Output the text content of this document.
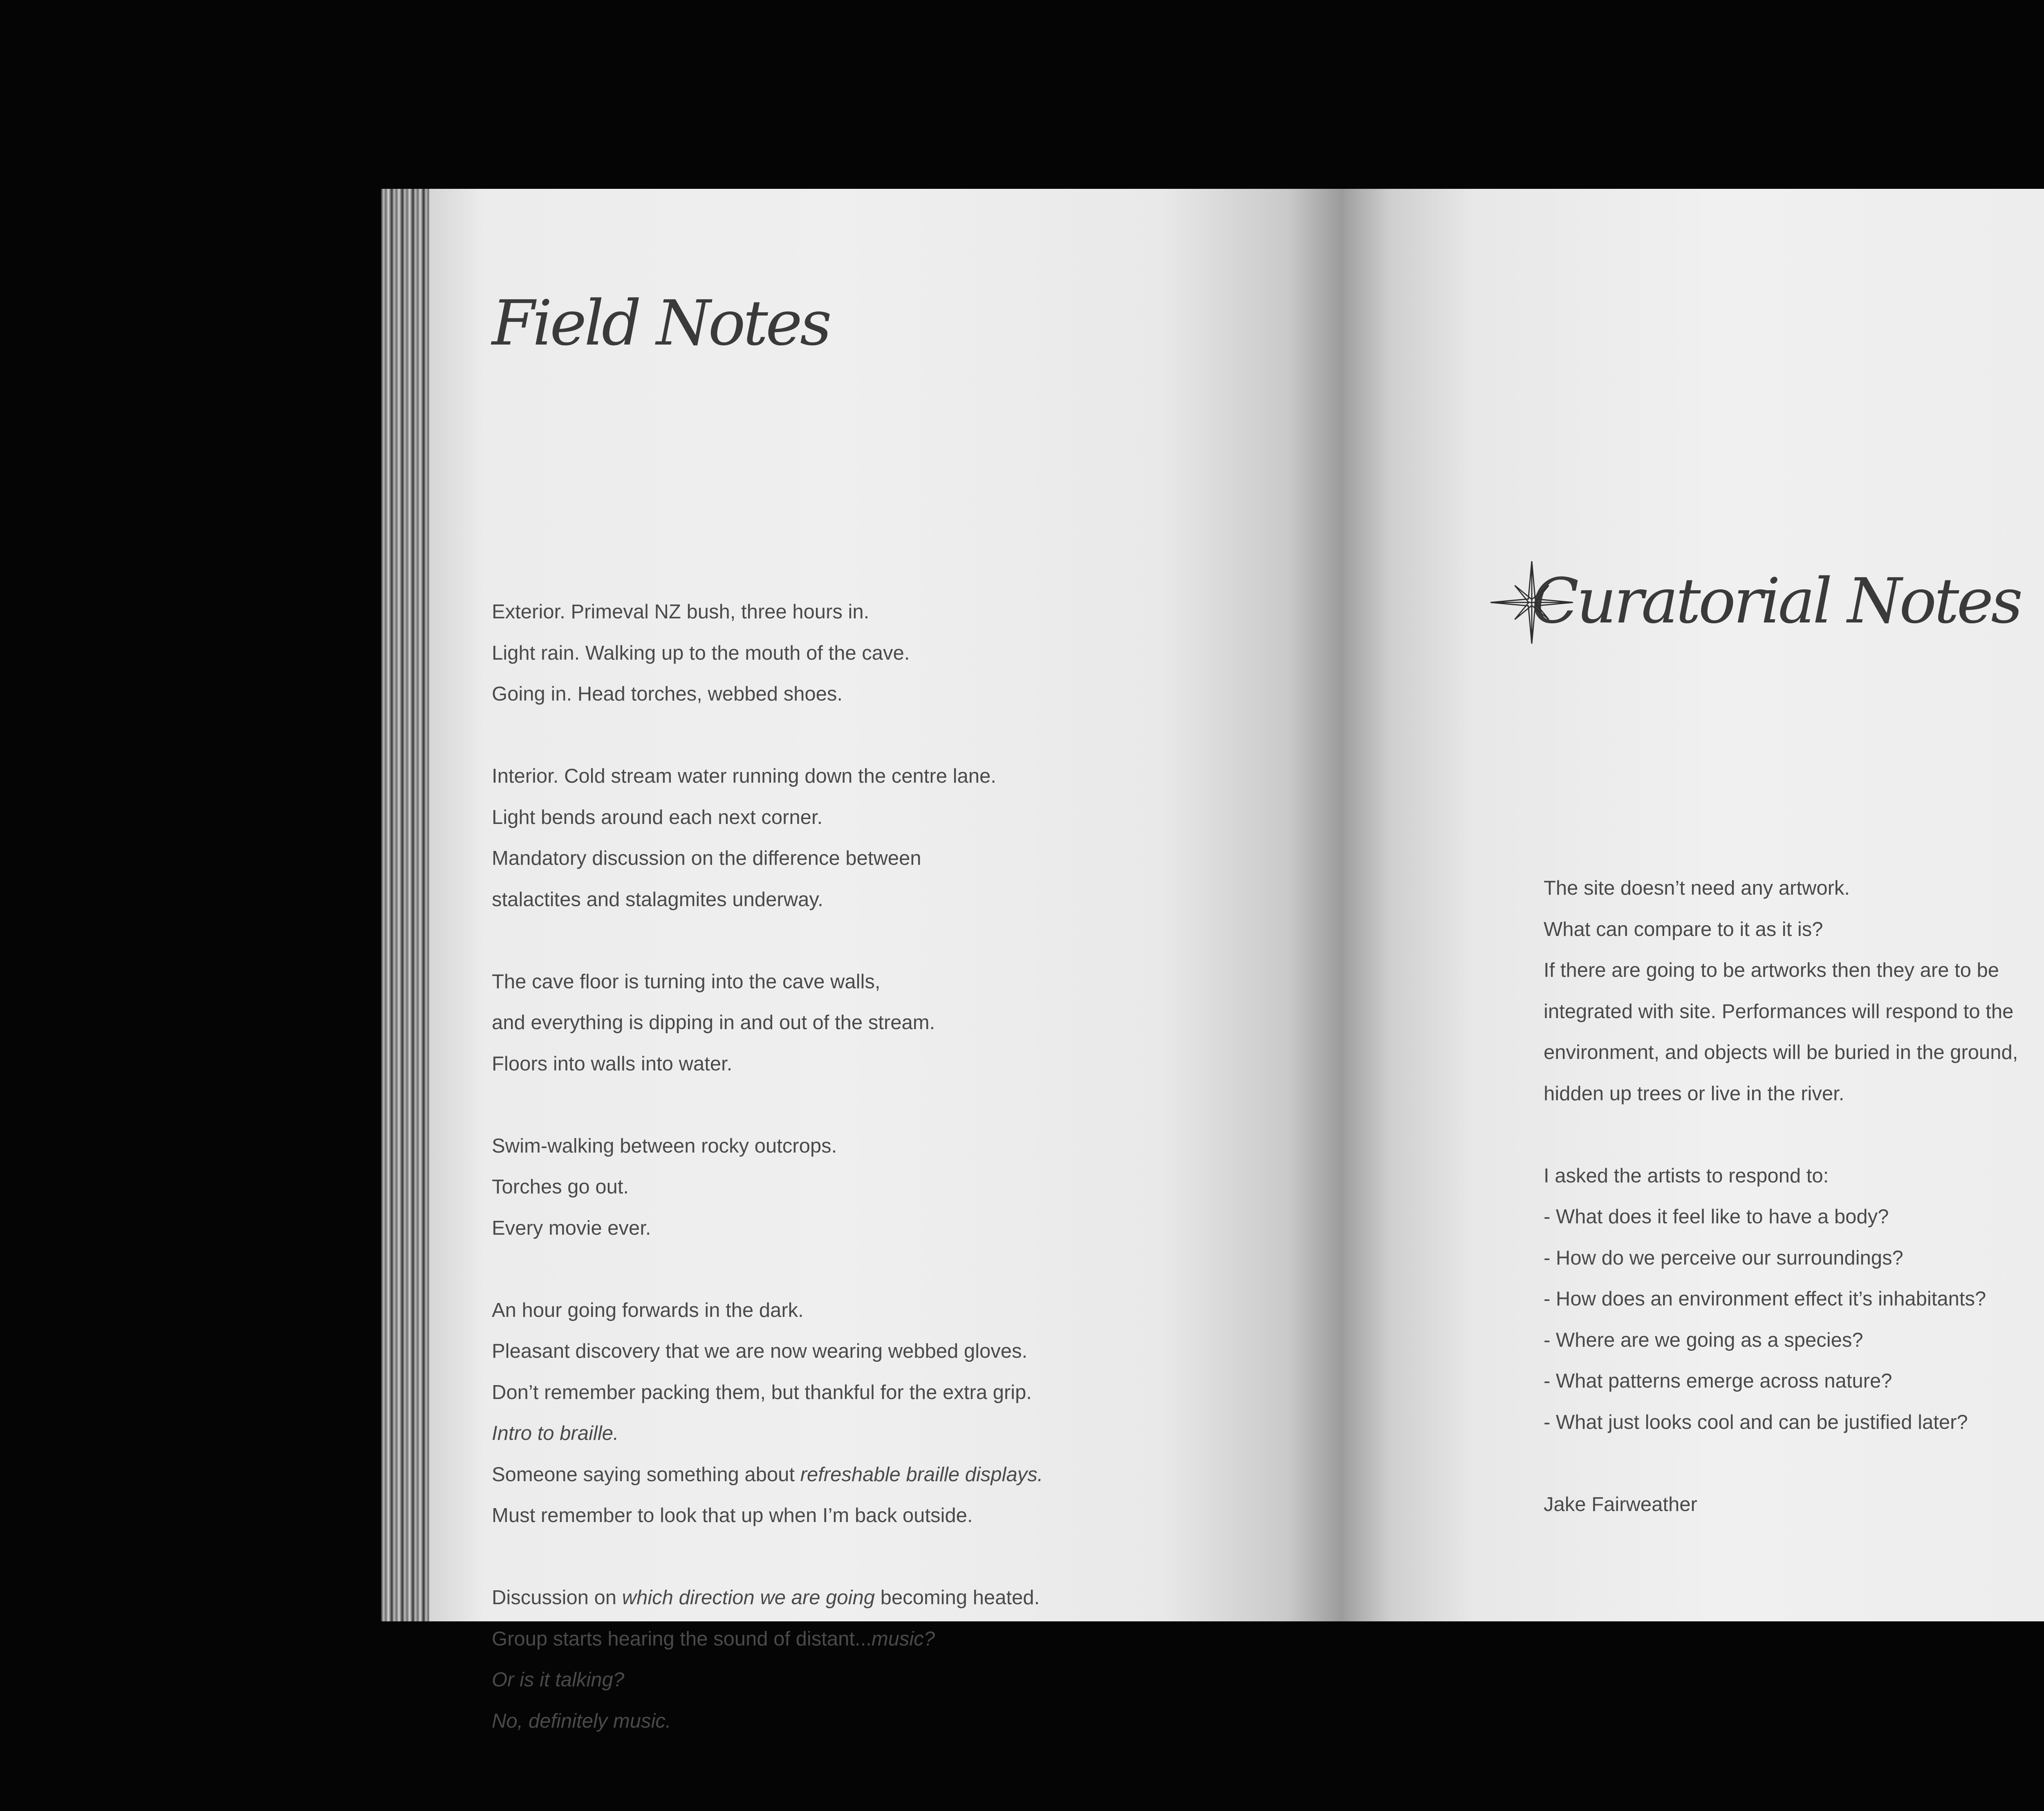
Field Notes
Exterior. Primeval NZ bush, three hours in.
Light rain. Walking up to the mouth of the cave.
Going in. Head torches, webbed shoes.
Interior. Cold stream water running down the centre lane.
Light bends around each next corner.
Mandatory discussion on the difference between
stalactites and stalagmites underway.
The cave floor is turning into the cave walls,
and everything is dipping in and out of the stream.
Floors into walls into water.
Swim-walking between rocky outcrops.
Torches go out.
Every movie ever.
An hour going forwards in the dark.
Pleasant discovery that we are now wearing webbed gloves.
Don’t remember packing them, but thankful for the extra grip.
Intro to braille.
Someone saying something about refreshable braille displays.
Must remember to look that up when I’m back outside.
Discussion on which direction we are going becoming heated.
Group starts hearing the sound of distant...music?
Or is it talking?
No, definitely music.
Curatorial Notes
The site doesn’t need any artwork.
What can compare to it as it is?
If there are going to be artworks then they are to be
integrated with site. Performances will respond to the
environment, and objects will be buried in the ground,
hidden up trees or live in the river.
I asked the artists to respond to:
- What does it feel like to have a body?
- How do we perceive our surroundings?
- How does an environment effect it’s inhabitants?
- Where are we going as a species?
- What patterns emerge across nature?
- What just looks cool and can be justified later?
Jake Fairweather
